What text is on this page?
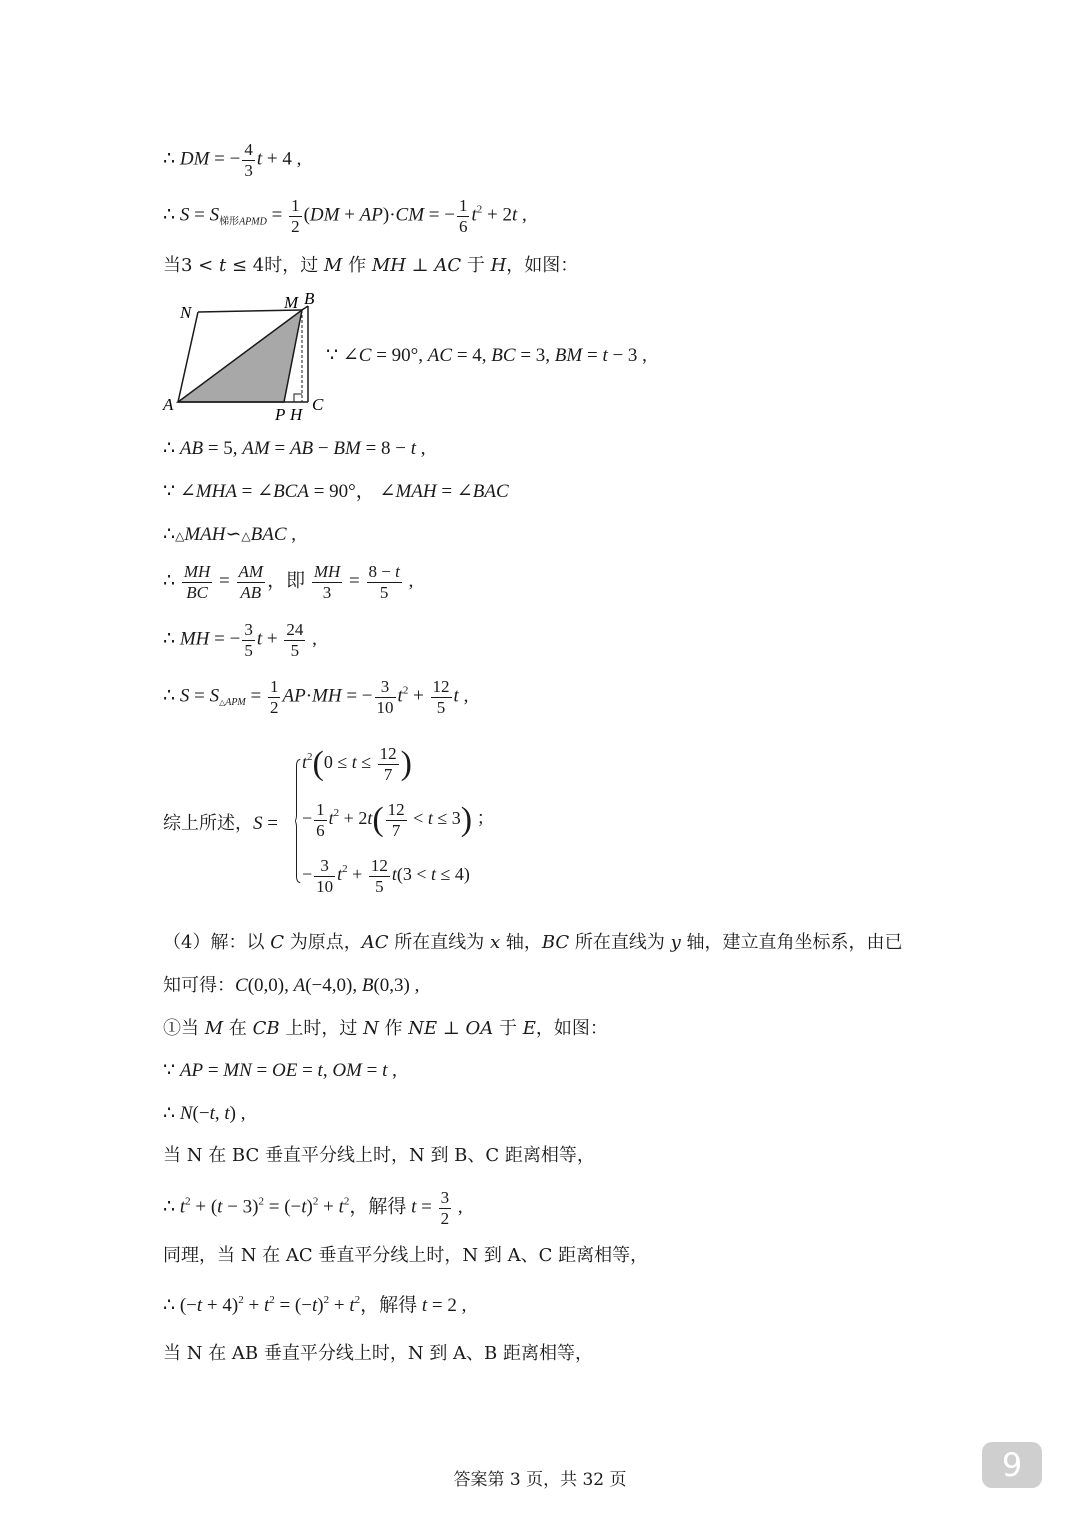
∴ DM = − $\frac{4}{3}$ t + 4 ,
∴ $S = S_{梯形APMD} = \frac{1}{2} (DM + AP)\cdot CM$ = − $\frac{1}{6} t^2 + 2t$ ,
当3 < t ≤ 4时，过 M 作 MH ⊥ AC 于 H，如图：
N
M B
A
P H
C
∵ ∠C = 90°, AC = 4, BC = 3, BM = t − 3 ,
∴ AB = 5, AM = AB − BM = 8 − t ,
∵ ∠MHA = ∠BCA = 90°， ∠MAH = ∠BAC
∴△MAH∽△BAC ,
∴ $\frac{MH}{BC} = \frac{AM}{AB}$ ，即 $\frac{MH}{3} = \frac{8 - t}{5}$ ,
∴ MH = − $\frac{3}{5}$ $t + \frac{24}{5}$ ,
∴ $S = S_{\triangle APM} = \frac{1}{2} AP\cdot MH$ = − $\frac{3}{10} t^2 + \frac{12}{5}$ t ,
综上所述，S =
$t^2(0 \le t \le \frac{12}{7}$ )
− $\frac{1}{6} t^2 + 2t( \frac{12}{7} < t \le 3)$ ；
− $\frac{3}{10} t^2 + \frac{12}{5} t(3 < t \le 4)$
（4）解：以 C 为原点，AC 所在直线为 x 轴，BC 所在直线为 y 轴，建立直角坐标系，由已
知可得：C(0,0), A(−4,0), B(0,3) ,
①当 M 在 CB 上时，过 N 作 NE ⊥ OA 于 E，如图：
∵ AP = MN = OE = t, OM = t ,
∴ N(−t, t) ,
当 N 在 BC 垂直平分线上时，N 到 B、C 距离相等，
∴ $t^2 + (t - 3)^2 = (-t)^2 + t^2$，解得 $t = \frac{3}{2}$ ,
同理，当 N 在 AC 垂直平分线上时，N 到 A、C 距离相等，
∴ $(-t + 4)^2 + t^2 = (-t)^2 + t^2$，解得 t = 2 ,
当 N 在 AB 垂直平分线上时，N 到 A、B 距离相等，
答案第 3 页，共 32 页	9
